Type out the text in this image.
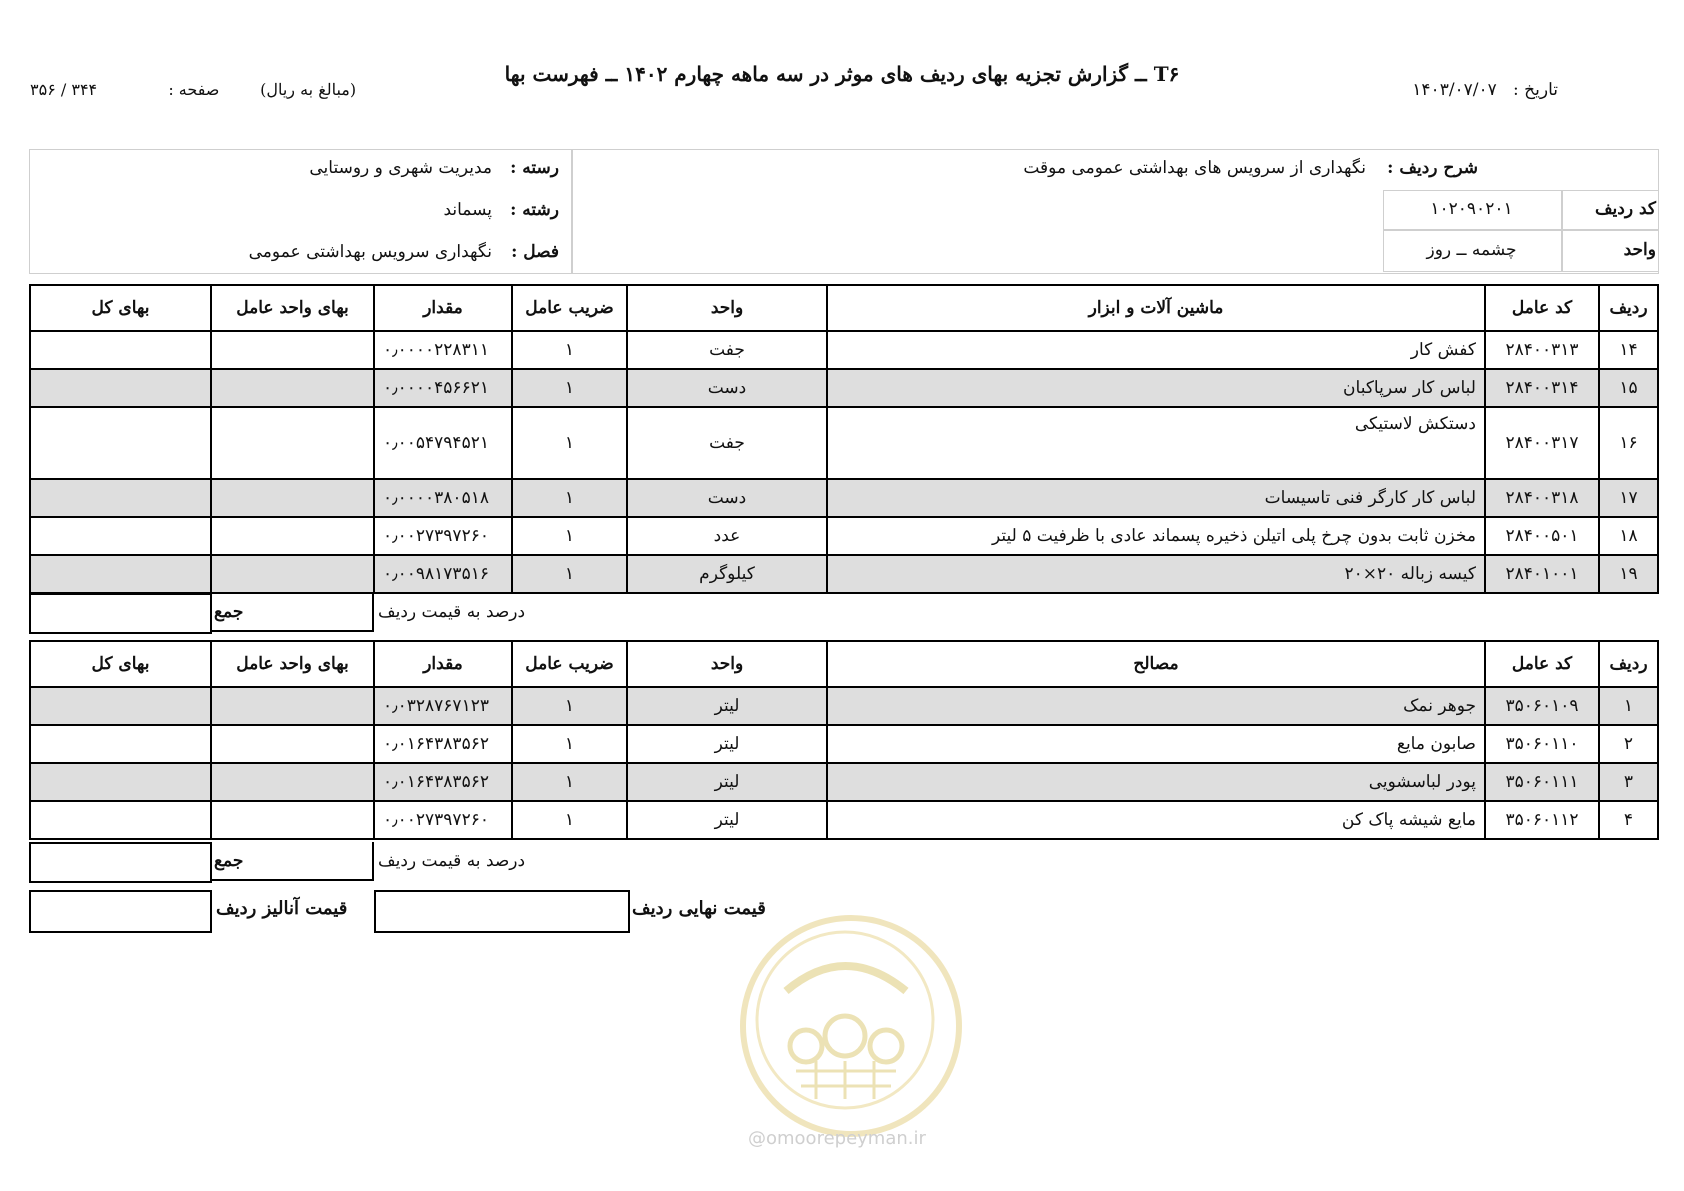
T۶ ــ گزارش تجزیه بهای ردیف های موثر در سه ماهه چهارم ۱۴۰۲ ــ فهرست بها
تاریخ :   ۱۴۰۳/۰۷/۰۷
(مبالغ به ریال)        صفحه :              ۳۴۴ / ۳۵۶
رسته :
مدیریت شهری و روستایی
رشته :
پسماند
فصل :
نگهداری سرویس بهداشتی عمومی
شرح ردیف :
نگهداری از سرویس های بهداشتی عمومی موقت
کد ردیف
۱۰۲۰۹۰۲۰۱
واحد
چشمه ــ روز
بهای کل	بهای واحد عامل	مقدار	ضریب عامل	واحد	ماشین آلات و ابزار	کد عامل	ردیف
		۰٫۰۰۰۰۲۲۸۳۱۱	۱	جفت	کفش کار	۲۸۴۰۰۳۱۳	۱۴
		۰٫۰۰۰۰۴۵۶۶۲۱	۱	دست	لباس کار سرپاکبان	۲۸۴۰۰۳۱۴	۱۵
		۰٫۰۰۵۴۷۹۴۵۲۱	۱	جفت	دستکش لاستیکی	۲۸۴۰۰۳۱۷	۱۶
		۰٫۰۰۰۰۳۸۰۵۱۸	۱	دست	لباس کار کارگر فنی تاسیسات	۲۸۴۰۰۳۱۸	۱۷
		۰٫۰۰۲۷۳۹۷۲۶۰	۱	عدد	مخزن ثابت بدون چرخ پلی اتیلن ذخیره پسماند عادی با ظرفیت ۵ لیتر	۲۸۴۰۰۵۰۱	۱۸
		۰٫۰۰۹۸۱۷۳۵۱۶	۱	کیلوگرم	کیسه زباله ۲۰×۲۰	۲۸۴۰۱۰۰۱	۱۹
جمع	درصد به قیمت ردیف
بهای کل	بهای واحد عامل	مقدار	ضریب عامل	واحد	مصالح	کد عامل	ردیف
		۰٫۰۳۲۸۷۶۷۱۲۳	۱	لیتر	جوهر نمک	۳۵۰۶۰۱۰۹	۱
		۰٫۰۱۶۴۳۸۳۵۶۲	۱	لیتر	صابون مایع	۳۵۰۶۰۱۱۰	۲
		۰٫۰۱۶۴۳۸۳۵۶۲	۱	لیتر	پودر لباسشویی	۳۵۰۶۰۱۱۱	۳
		۰٫۰۰۲۷۳۹۷۲۶۰	۱	لیتر	مایع شیشه پاک کن	۳۵۰۶۰۱۱۲	۴
جمع	درصد به قیمت ردیف
قیمت آنالیز ردیف	قیمت نهایی ردیف
@omoorepeyman.ir
